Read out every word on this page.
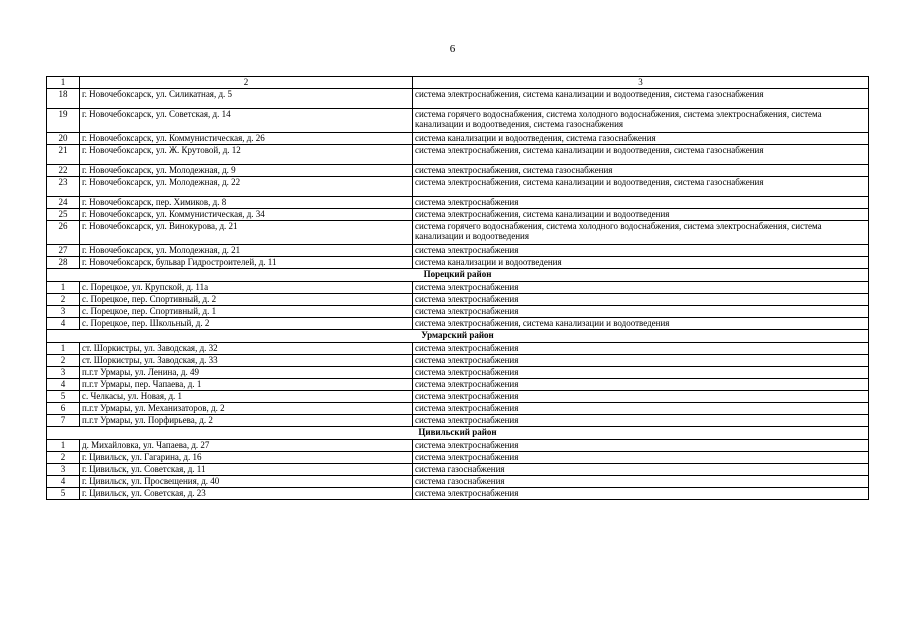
6
1	2	3
18	г. Новочебоксарск, ул. Силикатная, д. 5	система электроснабжения, система канализации и водоотведения, система газоснабжения
19	г. Новочебоксарск, ул. Советская, д. 14	система горячего водоснабжения, система холодного водоснабжения, система электроснабжения, система канализации и водоотведения, система газоснабжения
20	г. Новочебоксарск, ул. Коммунистическая, д. 26	система канализации и водоотведения, система газоснабжения
21	г. Новочебоксарск, ул. Ж. Крутовой, д. 12	система электроснабжения, система канализации и водоотведения, система газоснабжения
22	г. Новочебоксарск, ул. Молодежная, д. 9	система электроснабжения, система газоснабжения
23	г. Новочебоксарск, ул. Молодежная, д. 22	система электроснабжения, система канализации и водоотведения, система газоснабжения
24	г. Новочебоксарск, пер. Химиков, д. 8	система электроснабжения
25	г. Новочебоксарск, ул. Коммунистическая, д. 34	система электроснабжения, система канализации и водоотведения
26	г. Новочебоксарск, ул. Винокурова, д. 21	система горячего водоснабжения, система холодного водоснабжения, система электроснабжения, система канализации и водоотведения
27	г. Новочебоксарск, ул. Молодежная, д. 21	система электроснабжения
28	г. Новочебоксарск, бульвар Гидростроителей, д. 11	система канализации и водоотведения
Порецкий район		
1	с. Порецкое, ул. Крупской, д. 11а	система электроснабжения
2	с. Порецкое, пер. Спортивный, д. 2	система электроснабжения
3	с. Порецкое, пер. Спортивный, д. 1	система электроснабжения
4	с. Порецкое, пер. Школьный, д. 2	система электроснабжения, система канализации и водоотведения
Урмарский район		
1	ст. Шоркистры, ул. Заводская, д. 32	система электроснабжения
2	ст. Шоркистры, ул. Заводская, д. 33	система электроснабжения
3	п.г.т Урмары, ул. Ленина, д. 49	система электроснабжения
4	п.г.т Урмары, пер. Чапаева, д. 1	система электроснабжения
5	с. Челкасы, ул. Новая, д. 1	система электроснабжения
6	п.г.т Урмары, ул. Механизаторов, д. 2	система электроснабжения
7	п.г.т Урмары, ул. Порфирьева, д. 2	система электроснабжения
Цивильский район		
1	д. Михайловка, ул. Чапаева, д. 27	система электроснабжения
2	г. Цивильск, ул. Гагарина, д. 16	система электроснабжения
3	г. Цивильск, ул. Советская, д. 11	система газоснабжения
4	г. Цивильск, ул. Просвещения, д. 40	система газоснабжения
5	г. Цивильск, ул. Советская, д. 23	система электроснабжения
